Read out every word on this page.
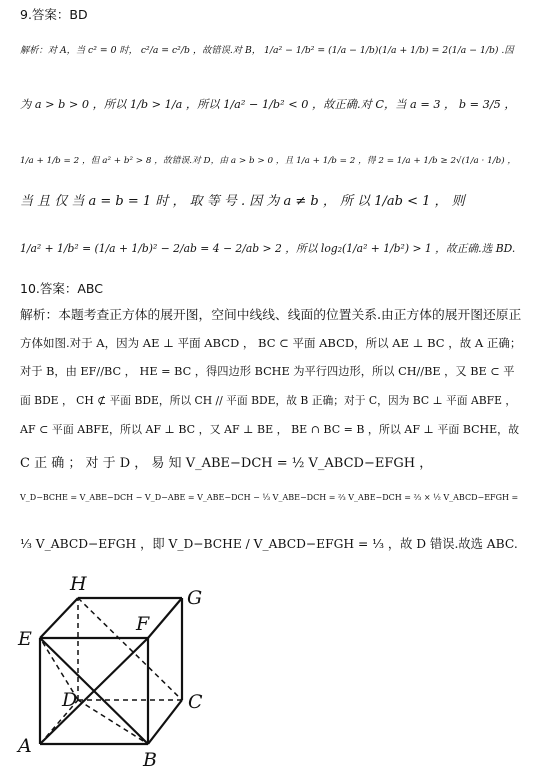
9.答案：BD
解析：对 A，当 c² = 0 时， c²/a = c²/b ，故错误.对 B， 1/a² − 1/b² = (1/a − 1/b)(1/a + 1/b) = 2(1/a − 1/b) .因
为 a > b > 0 ，所以 1/b > 1/a ，所以 1/a² − 1/b² < 0 ，故正确.对 C，当 a = 3 ， b = 3/5 ，
1/a + 1/b = 2 ，但 a² + b² > 8 ，故错误.对 D，由 a > b > 0 ，且 1/a + 1/b = 2 ，得 2 = 1/a + 1/b ≥ 2√(1/a · 1/b) ，
当 且 仅 当 a = b = 1 时 ， 取 等 号 . 因 为 a ≠ b ， 所 以 1/ab < 1 ， 则
1/a² + 1/b² = (1/a + 1/b)² − 2/ab = 4 − 2/ab > 2 ，所以 log₂(1/a² + 1/b²) > 1 ，故正确.选 BD.
10.答案：ABC
解析：本题考查正方体的展开图，空间中线线、线面的位置关系.由正方体的展开图还原正
方体如图.对于 A，因为 AE ⊥ 平面 ABCD ， BC ⊂ 平面 ABCD，所以 AE ⊥ BC ，故 A 正确；
对于 B，由 EF//BC ， HE = BC ，得四边形 BCHE 为平行四边形，所以 CH//BE ，又 BE ⊂ 平
面 BDE ， CH ⊄ 平面 BDE，所以 CH // 平面 BDE，故 B 正确；对于 C，因为 BC ⊥ 平面 ABFE ，
AF ⊂ 平面 ABFE，所以 AF ⊥ BC ，又 AF ⊥ BE ， BE ∩ BC = B ，所以 AF ⊥ 平面 BCHE，故
C 正 确 ； 对 于 D ， 易 知 V_ABE−DCH = ½ V_ABCD−EFGH ，
V_D−BCHE = V_ABE−DCH − V_D−ABE = V_ABE−DCH − ⅓ V_ABE−DCH = ⅔ V_ABE−DCH = ⅔ × ½ V_ABCD−EFGH =
⅓ V_ABCD−EFGH ，即 V_D−BCHE / V_ABCD−EFGH = ⅓ ，故 D 错误.故选 ABC.
A
B
C
D
E
F
G
H
